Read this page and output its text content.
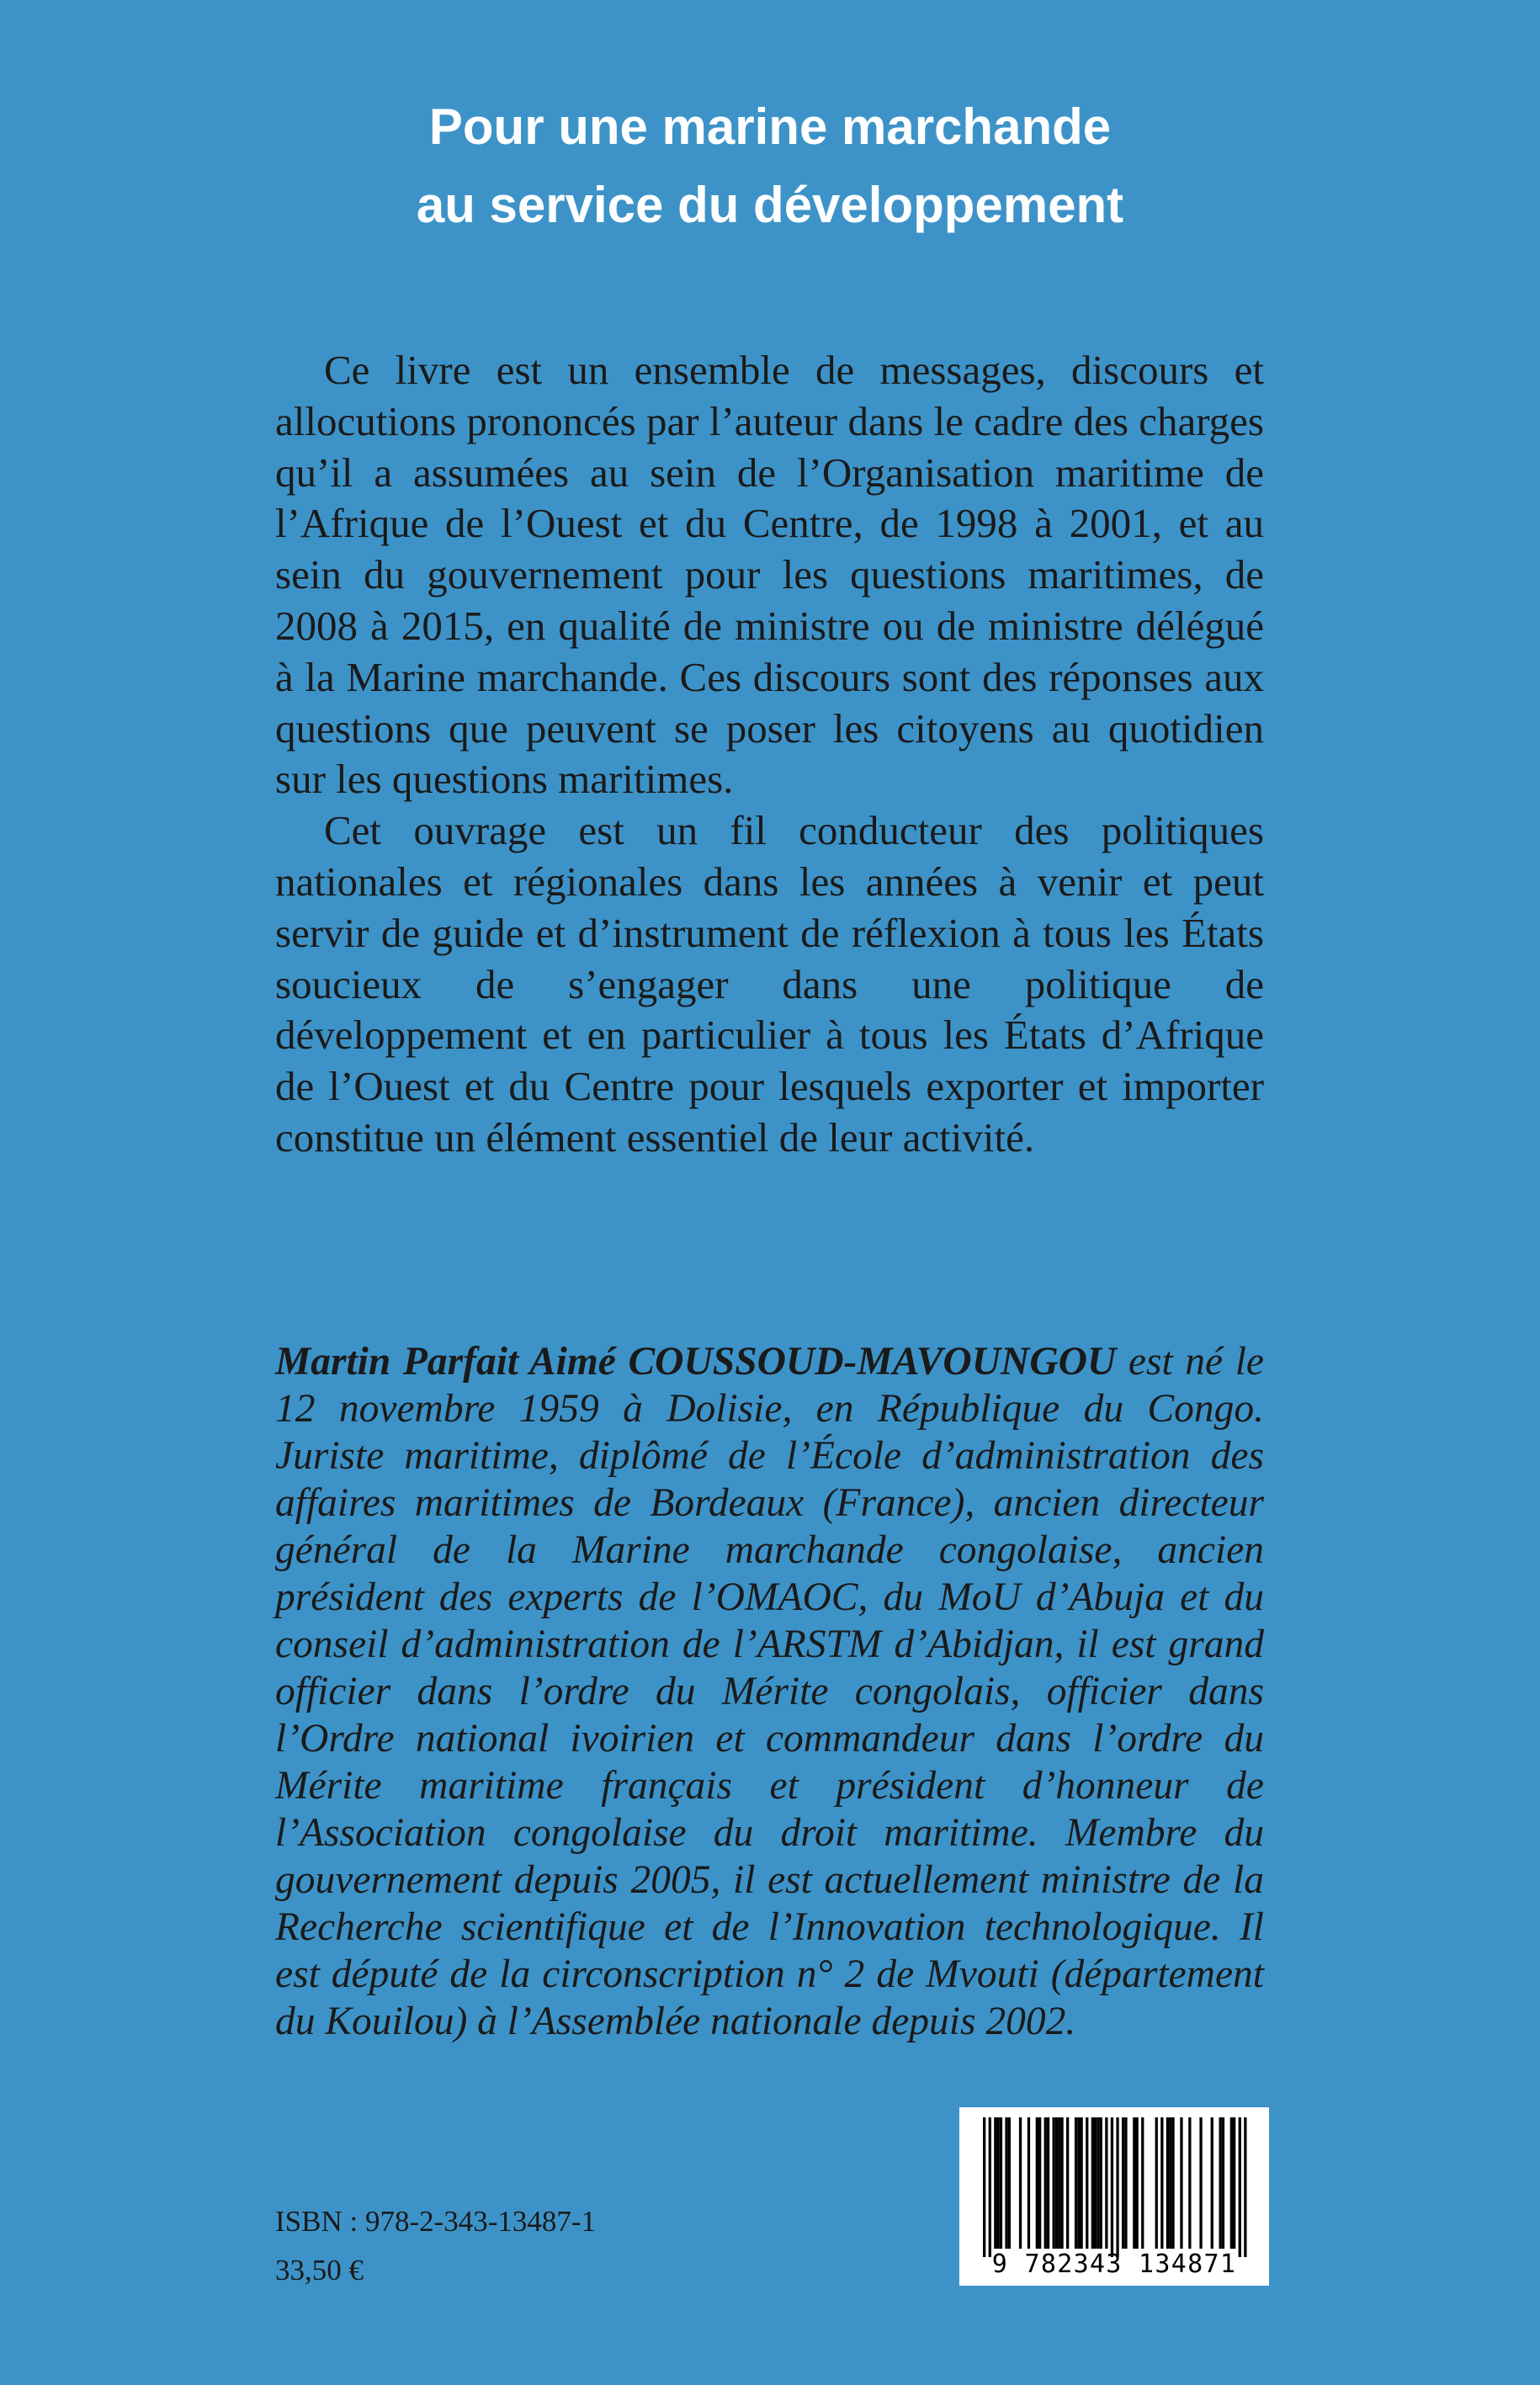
Pour une marine marchande
au service du développement

Ce livre est un ensemble de messages, discours et allocutions prononcés par l’auteur dans le cadre des charges qu’il a assumées au sein de l’Organisation maritime de l’Afrique de l’Ouest et du Centre, de 1998 à 2001, et au sein du gouvernement pour les questions maritimes, de 2008 à 2015, en qualité de ministre ou de ministre délégué à la Marine marchande. Ces discours sont des réponses aux questions que peuvent se poser les citoyens au quotidien sur les questions maritimes.

Cet ouvrage est un fil conducteur des politiques nationales et régionales dans les années à venir et peut servir de guide et d’instrument de réflexion à tous les États soucieux de s’engager dans une politique de développement et en particulier à tous les États d’Afrique de l’Ouest et du Centre pour lesquels exporter et importer constitue un élément essentiel de leur activité.

Martin Parfait Aimé COUSSOUD-MAVOUNGOU est né le 12 novembre 1959 à Dolisie, en République du Congo. Juriste maritime, diplômé de l’École d’administration des affaires maritimes de Bordeaux (France), ancien directeur général de la Marine marchande congolaise, ancien président des experts de l’OMAOC, du MoU d’Abuja et du conseil d’administration de l’ARSTM d’Abidjan, il est grand officier dans l’ordre du Mérite congolais, officier dans l’Ordre national ivoirien et commandeur dans l’ordre du Mérite maritime français et président d’honneur de l’Association congolaise du droit maritime. Membre du gouvernement depuis 2005, il est actuellement ministre de la Recherche scientifique et de l’Innovation technologique. Il est député de la circonscription n° 2 de Mvouti (département du Kouilou) à l’Assemblée nationale depuis 2002.

ISBN : 978-2-343-13487-1

33,50 €	9 782343 134871
